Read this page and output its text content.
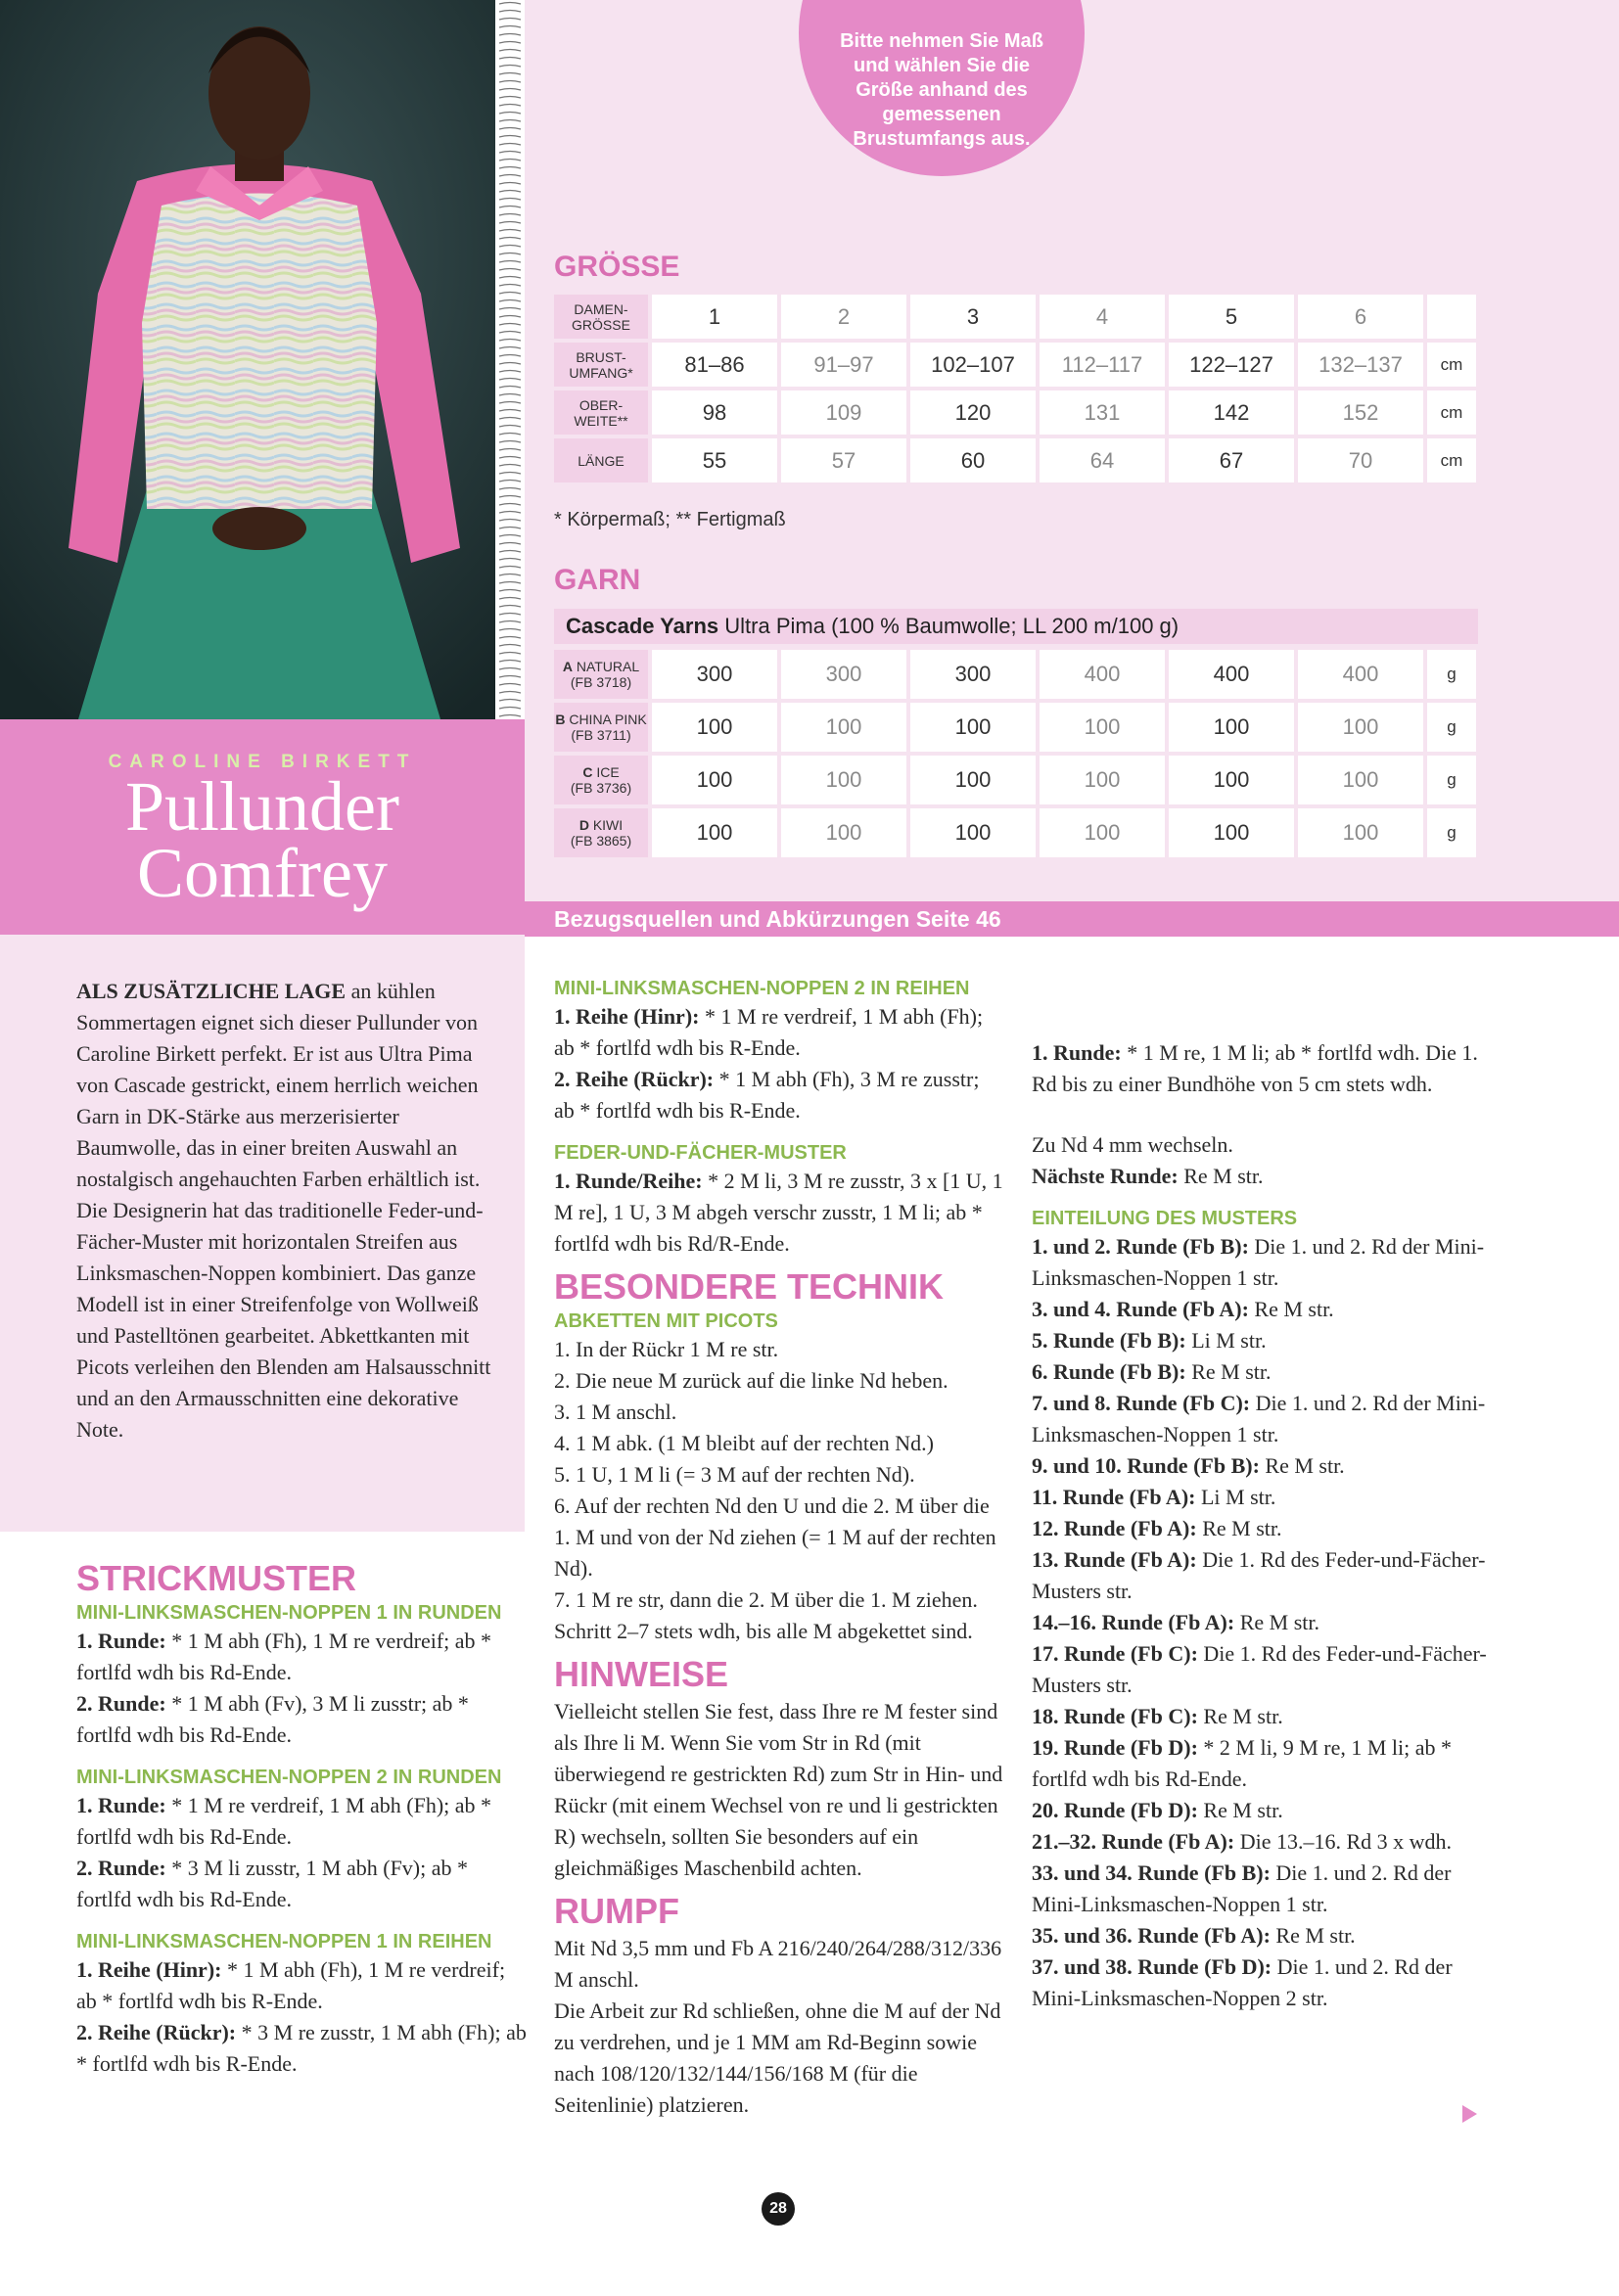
CAROLINE BIRKETT
Pullunder
Comfrey
Bitte nehmen Sie Maß und wählen Sie die Größe anhand des gemessenen Brustumfangs aus.
GRÖSSE
DAMEN-
GRÖSSE	1	2	3	4	5	6	
BRUST-
UMFANG*	81–86	91–97	102–107	112–117	122–127	132–137	cm
OBER-
WEITE**	98	109	120	131	142	152	cm
LÄNGE	55	57	60	64	67	70	cm
* Körpermaß; ** Fertigmaß
GARN
Cascade Yarns Ultra Pima (100 % Baumwolle; LL 200 m/100 g)
A NATURAL
(FB 3718)	300	300	300	400	400	400	g
B CHINA PINK
(FB 3711)	100	100	100	100	100	100	g
C ICE
(FB 3736)	100	100	100	100	100	100	g
D KIWI
(FB 3865)	100	100	100	100	100	100	g
Bezugsquellen und Abkürzungen Seite 46

ALS ZUSÄTZLICHE LAGE an kühlen Sommertagen eignet sich dieser Pullunder von Caroline Birkett perfekt. Er ist aus Ultra Pima von Cascade gestrickt, einem herrlich weichen Garn in DK-Stärke aus merzerisierter Baumwolle, das in einer breiten Auswahl an nostalgisch angehauchten Farben erhältlich ist. Die Designerin hat das traditionelle Feder-und-Fächer-Muster mit horizontalen Streifen aus Linksmaschen-Noppen kombiniert. Das ganze Modell ist in einer Streifenfolge von Wollweiß und Pastelltönen gearbeitet. Abkettkanten mit Picots verleihen den Blenden am Halsausschnitt und an den Armausschnitten eine dekorative Note.

STRICKMUSTER
MINI-LINKSMASCHEN-NOPPEN 1 IN RUNDEN

1. Runde: * 1 M abh (Fh), 1 M re verdreif; ab * fortlfd wdh bis Rd-Ende.

2. Runde: * 1 M abh (Fv), 3 M li zusstr; ab * fortlfd wdh bis Rd-Ende.

MINI-LINKSMASCHEN-NOPPEN 2 IN RUNDEN

1. Runde: * 1 M re verdreif, 1 M abh (Fh); ab * fortlfd wdh bis Rd-Ende.

2. Runde: * 3 M li zusstr, 1 M abh (Fv); ab * fortlfd wdh bis Rd-Ende.

MINI-LINKSMASCHEN-NOPPEN 1 IN REIHEN

1. Reihe (Hinr): * 1 M abh (Fh), 1 M re verdreif; ab * fortlfd wdh bis R-Ende.

2. Reihe (Rückr): * 3 M re zusstr, 1 M abh (Fh); ab * fortlfd wdh bis R-Ende.

MINI-LINKSMASCHEN-NOPPEN 2 IN REIHEN

1. Reihe (Hinr): * 1 M re verdreif, 1 M abh (Fh); ab * fortlfd wdh bis R-Ende.

2. Reihe (Rückr): * 1 M abh (Fh), 3 M re zusstr; ab * fortlfd wdh bis R-Ende.

FEDER-UND-FÄCHER-MUSTER

1. Runde/Reihe: * 2 M li, 3 M re zusstr, 3 x [1 U, 1 M re], 1 U, 3 M abgeh verschr zusstr, 1 M li; ab * fortlfd wdh bis Rd/R-Ende.

BESONDERE TECHNIK
ABKETTEN MIT PICOTS

1. In der Rückr 1 M re str.

2. Die neue M zurück auf die linke Nd heben.

3. 1 M anschl.

4. 1 M abk. (1 M bleibt auf der rechten Nd.)

5. 1 U, 1 M li (= 3 M auf der rechten Nd).

6. Auf der rechten Nd den U und die 2. M über die 1. M und von der Nd ziehen (= 1 M auf der rechten Nd).

7. 1 M re str, dann die 2. M über die 1. M ziehen. Schritt 2–7 stets wdh, bis alle M abgekettet sind.

HINWEISE

Vielleicht stellen Sie fest, dass Ihre re M fester sind als Ihre li M. Wenn Sie vom Str in Rd (mit überwiegend re gestrickten Rd) zum Str in Hin- und Rückr (mit einem Wechsel von re und li gestrickten R) wechseln, sollten Sie besonders auf ein gleichmäßiges Maschenbild achten.

RUMPF

Mit Nd 3,5 mm und Fb A 216/240/264/288/312/336 M anschl.

Die Arbeit zur Rd schließen, ohne die M auf der Nd zu verdrehen, und je 1 MM am Rd-Beginn sowie nach 108/120/132/144/156/168 M (für die Seitenlinie) platzieren.

1. Runde: * 1 M re, 1 M li; ab * fortlfd wdh. Die 1. Rd bis zu einer Bundhöhe von 5 cm stets wdh.

Zu Nd 4 mm wechseln.

Nächste Runde: Re M str.

EINTEILUNG DES MUSTERS

1. und 2. Runde (Fb B): Die 1. und 2. Rd der Mini-Linksmaschen-Noppen 1 str.

3. und 4. Runde (Fb A): Re M str.

5. Runde (Fb B): Li M str.

6. Runde (Fb B): Re M str.

7. und 8. Runde (Fb C): Die 1. und 2. Rd der Mini-Linksmaschen-Noppen 1 str.

9. und 10. Runde (Fb B): Re M str.

11. Runde (Fb A): Li M str.

12. Runde (Fb A): Re M str.

13. Runde (Fb A): Die 1. Rd des Feder-und-Fächer-Musters str.

14.–16. Runde (Fb A): Re M str.

17. Runde (Fb C): Die 1. Rd des Feder-und-Fächer-Musters str.

18. Runde (Fb C): Re M str.

19. Runde (Fb D): * 2 M li, 9 M re, 1 M li; ab * fortlfd wdh bis Rd-Ende.

20. Runde (Fb D): Re M str.

21.–32. Runde (Fb A): Die 13.–16. Rd 3 x wdh.

33. und 34. Runde (Fb B): Die 1. und 2. Rd der Mini-Linksmaschen-Noppen 1 str.

35. und 36. Runde (Fb A): Re M str.

37. und 38. Runde (Fb D): Die 1. und 2. Rd der Mini-Linksmaschen-Noppen 2 str.

28
